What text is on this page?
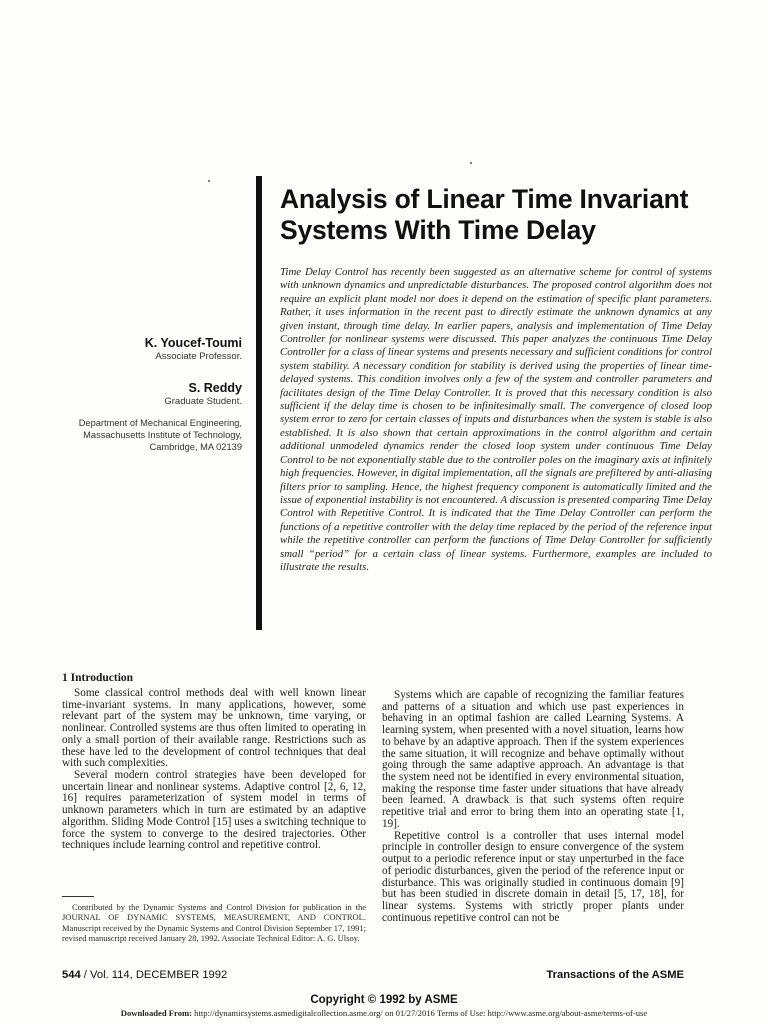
Analysis of Linear Time Invariant Systems With Time Delay
Time Delay Control has recently been suggested as an alternative scheme for control of systems with unknown dynamics and unpredictable disturbances. The proposed control algorithm does not require an explicit plant model nor does it depend on the estimation of specific plant parameters. Rather, it uses information in the recent past to directly estimate the unknown dynamics at any given instant, through time delay. In earlier papers, analysis and implementation of Time Delay Controller for nonlinear systems were discussed. This paper analyzes the continuous Time Delay Controller for a class of linear systems and presents necessary and sufficient conditions for control system stability. A necessary condition for stability is derived using the properties of linear time-delayed systems. This condition involves only a few of the system and controller parameters and facilitates design of the Time Delay Controller. It is proved that this necessary condition is also sufficient if the delay time is chosen to be infinitesimally small. The convergence of closed loop system error to zero for certain classes of inputs and disturbances when the system is stable is also established. It is also shown that certain approximations in the control algorithm and certain additional unmodeled dynamics render the closed loop system under continuous Time Delay Control to be not exponentially stable due to the controller poles on the imaginary axis at infinitely high frequencies. However, in digital implementation, all the signals are prefiltered by anti-aliasing filters prior to sampling. Hence, the highest frequency component is automatically limited and the issue of exponential instability is not encountered. A discussion is presented comparing Time Delay Control with Repetitive Control. It is indicated that the Time Delay Controller can perform the functions of a repetitive controller with the delay time replaced by the period of the reference input while the repetitive controller can perform the functions of Time Delay Controller for sufficiently small “period” for a certain class of linear systems. Furthermore, examples are included to illustrate the results.
K. Youcef-Toumi
Associate Professor.
S. Reddy
Graduate Student.
Department of Mechanical Engineering,
Massachusetts Institute of Technology,
Cambridge, MA 02139
1 Introduction

Some classical control methods deal with well known linear time-invariant systems. In many applications, however, some relevant part of the system may be unknown, time varying, or nonlinear. Controlled systems are thus often limited to operating in only a small portion of their available range. Restrictions such as these have led to the development of control techniques that deal with such complexities.

Several modern control strategies have been developed for uncertain linear and nonlinear systems. Adaptive control [2, 6, 12, 16] requires parameterization of system model in terms of unknown parameters which in turn are estimated by an adaptive algorithm. Sliding Mode Control [15] uses a switching technique to force the system to converge to the desired trajectories. Other techniques include learning control and repetitive control.

Systems which are capable of recognizing the familiar features and patterns of a situation and which use past experiences in behaving in an optimal fashion are called Learning Systems. A learning system, when presented with a novel situation, learns how to behave by an adaptive approach. Then if the system experiences the same situation, it will recognize and behave optimally without going through the same adaptive approach. An advantage is that the system need not be identified in every environmental situation, making the response time faster under situations that have already been learned. A drawback is that such systems often require repetitive trial and error to bring them into an operating state [1, 19].

Repetitive control is a controller that uses internal model principle in controller design to ensure convergence of the system output to a periodic reference input or stay unperturbed in the face of periodic disturbances, given the period of the reference input or disturbance. This was originally studied in continuous domain [9] but has been studied in discrete domain in detail [5, 17, 18], for linear systems. Systems with strictly proper plants under continuous repetitive control can not be

Contributed by the Dynamic Systems and Control Division for publication in the JOURNAL OF DYNAMIC SYSTEMS, MEASUREMENT, AND CONTROL. Manuscript received by the Dynamic Systems and Control Division September 17, 1991; revised manuscript received January 28, 1992. Associate Technical Editor: A. G. Ulsoy.
544 / Vol. 114, DECEMBER 1992	Transactions of the ASME
Copyright © 1992 by ASME
Downloaded From: http://dynamicsystems.asmedigitalcollection.asme.org/ on 01/27/2016 Terms of Use: http://www.asme.org/about-asme/terms-of-use
